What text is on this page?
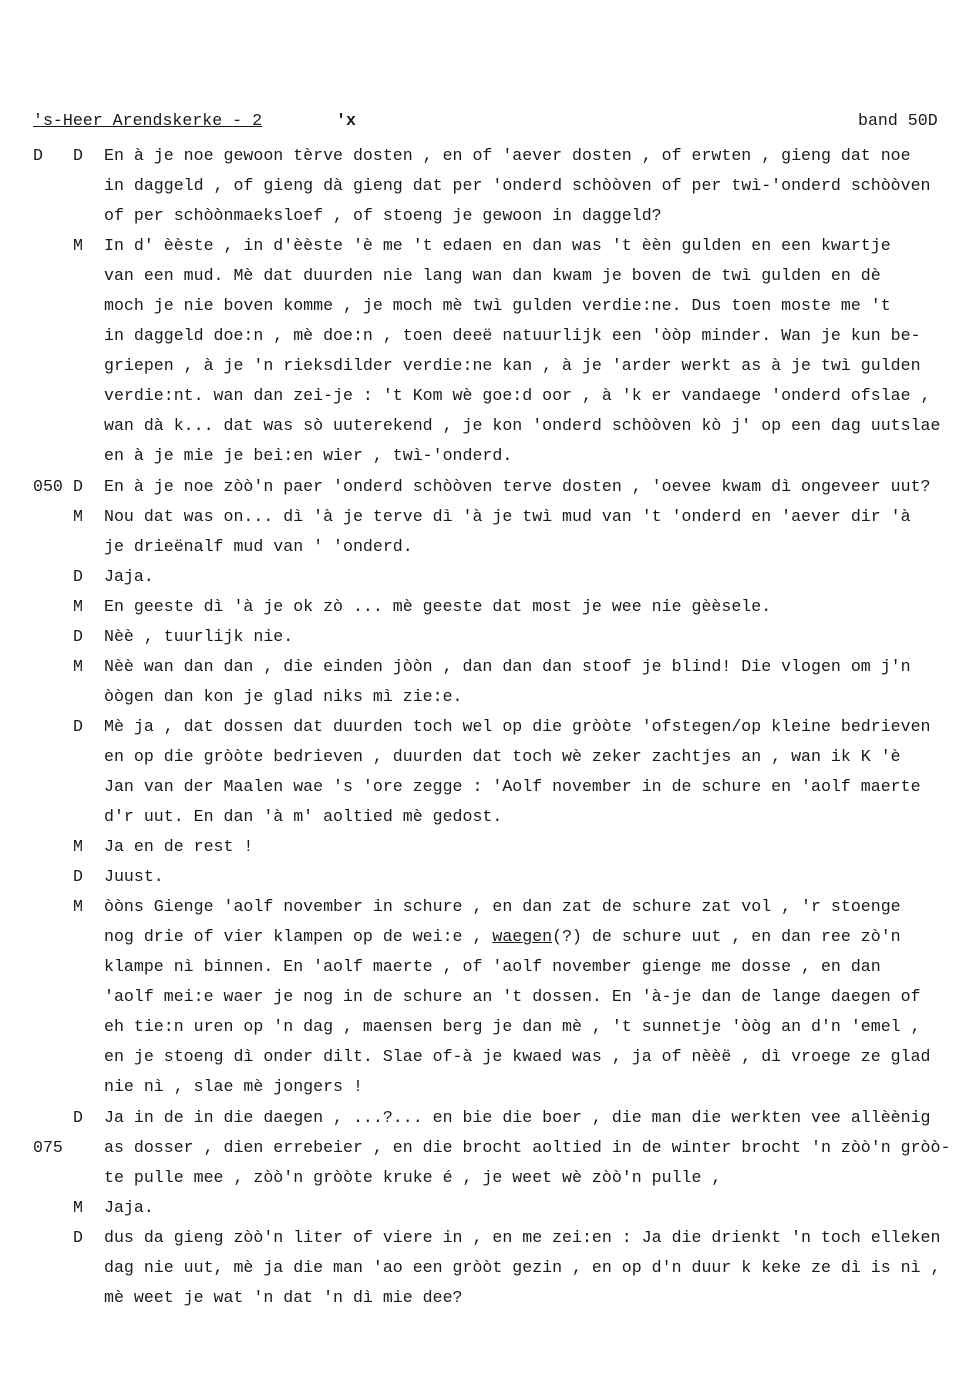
's-Heer Arendskerke - 2	'x	band 50D
D D En à je noe gewoon tèrve dosten , en of 'aever dosten , of erwten , gieng dat noe
in daggeld , of gieng dà gieng dat per 'onderd schòòven of per twì-'onderd schòòven
of per schòònmaeksloef , of stoeng je gewoon in daggeld?
M In d' èèste , in d'èèste 'è me 't edaen en dan was 't èèn gulden en een kwartje
van een mud. Mè dat duurden nie lang wan dan kwam je boven de twì gulden en dè
moch je nie boven komme , je moch mè twì gulden verdie:ne. Dus toen moste me 't
in daggeld doe:n , mè doe:n , toen deeë natuurlijk een 'òòp minder. Wan je kun be-
griepen , à je 'n rieksdilder verdie:ne kan , à je 'arder werkt as à je twì gulden
verdie:nt. wan dan zei-je : 't Kom wè goe:d oor , à 'k er vandaege 'onderd ofslae ,
wan dà k... dat was sò uuterekend , je kon 'onderd schòòven kò j' op een dag uutslae
en à je mie je bei:en wier , twì-'onderd.
050 D En à je noe zòò'n paer 'onderd schòòven terve dosten , 'oevee kwam dì ongeveer uut?
M Nou dat was on... dì 'à je terve dì 'à je twì mud van 't 'onderd en 'aever dir 'à
je drieënalf mud van ' 'onderd.
D Jaja.
M En geeste dì 'à je ok zò ... mè geeste dat most je wee nie gèèsele.
D Nèè , tuurlijk nie.
M Nèè wan dan dan , die einden jòòn , dan dan dan stoof je blind! Die vlogen om j'n
òògen dan kon je glad niks mì zie:e.
D Mè ja , dat dossen dat duurden toch wel op die gròòte 'ofstegen/op kleine bedrieven
en op die gròòte bedrieven , duurden dat toch wè zeker zachtjes an , wan ik K 'è
Jan van der Maalen wae 's 'ore zegge : 'Aolf november in de schure en 'aolf maerte
d'r uut. En dan 'à m' aoltied mè gedost.
M Ja en de rest !
D Juust.
M òòns Gienge 'aolf november in schure , en dan zat de schure zat vol , 'r stoenge
nog drie of vier klampen op de wei:e , waegen(?) de schure uut , en dan ree zò'n
klampe nì binnen. En 'aolf maerte , of 'aolf november gienge me dosse , en dan
'aolf mei:e waer je nog in de schure an 't dossen. En 'à-je dan de lange daegen of
eh tie:n uren op 'n dag , maensen berg je dan mè , 't sunnetje 'òòg an d'n 'emel ,
en je stoeng dì onder dilt. Slae of-à je kwaed was , ja of nèèë , dì vroege ze glad
nie nì , slae mè jongers !
D Ja in de in die daegen , ...?... en bie die boer , die man die werkten vee allèènig
075 as dosser , dien errebeier , en die brocht aoltied in de winter brocht 'n zòò'n gròò-
te pulle mee , zòò'n gròòte kruke é , je weet wè zòò'n pulle ,
M Jaja.
D dus da gieng zòò'n liter of viere in , en me zei:en : Ja die drienkt 'n toch elleken
dag nie uut, mè ja die man 'ao een gròòt gezin , en op d'n duur k keke ze dì is nì ,
mè weet je wat 'n dat 'n dì mie dee?
